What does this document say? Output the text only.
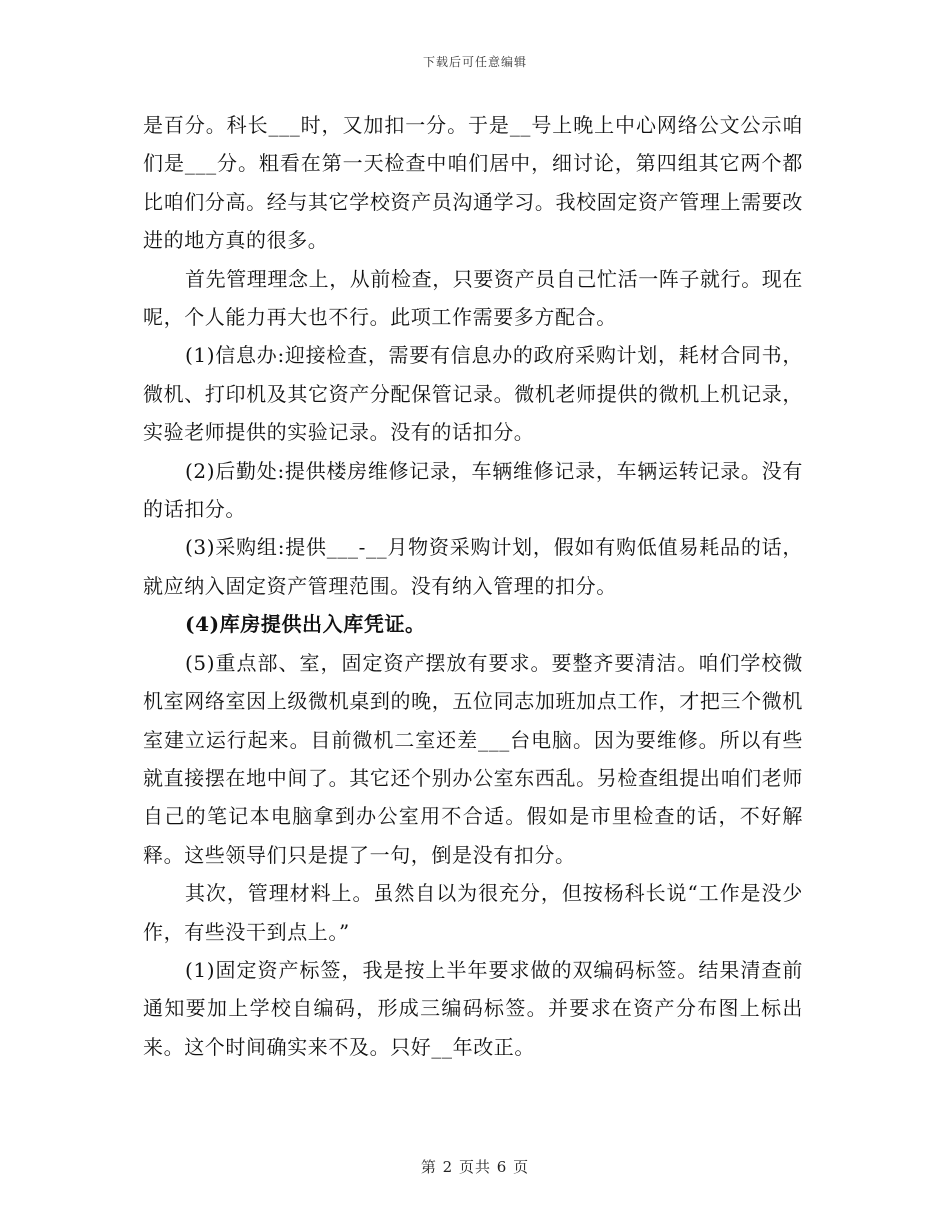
下载后可任意编辑

是百分。科长___时，又加扣一分。于是__号上晚上中心网络公文公示咱们是___分。粗看在第一天检查中咱们居中，细讨论，第四组其它两个都比咱们分高。经与其它学校资产员沟通学习。我校固定资产管理上需要改进的地方真的很多。

首先管理理念上，从前检查，只要资产员自己忙活一阵子就行。现在呢，个人能力再大也不行。此项工作需要多方配合。

(1)信息办:迎接检查，需要有信息办的政府采购计划，耗材合同书，微机、打印机及其它资产分配保管记录。微机老师提供的微机上机记录，实验老师提供的实验记录。没有的话扣分。

(2)后勤处:提供楼房维修记录，车辆维修记录，车辆运转记录。没有的话扣分。

(3)采购组:提供___-__月物资采购计划，假如有购低值易耗品的话，就应纳入固定资产管理范围。没有纳入管理的扣分。

(4)库房提供出入库凭证。

(5)重点部、室，固定资产摆放有要求。要整齐要清洁。咱们学校微机室网络室因上级微机桌到的晚，五位同志加班加点工作，才把三个微机室建立运行起来。目前微机二室还差___台电脑。因为要维修。所以有些就直接摆在地中间了。其它还个别办公室东西乱。另检查组提出咱们老师自己的笔记本电脑拿到办公室用不合适。假如是市里检查的话，不好解释。这些领导们只是提了一句，倒是没有扣分。

其次，管理材料上。虽然自以为很充分，但按杨科长说“工作是没少作，有些没干到点上。”

(1)固定资产标签，我是按上半年要求做的双编码标签。结果清查前通知要加上学校自编码，形成三编码标签。并要求在资产分布图上标出来。这个时间确实来不及。只好__年改正。

第 2 页共 6 页
